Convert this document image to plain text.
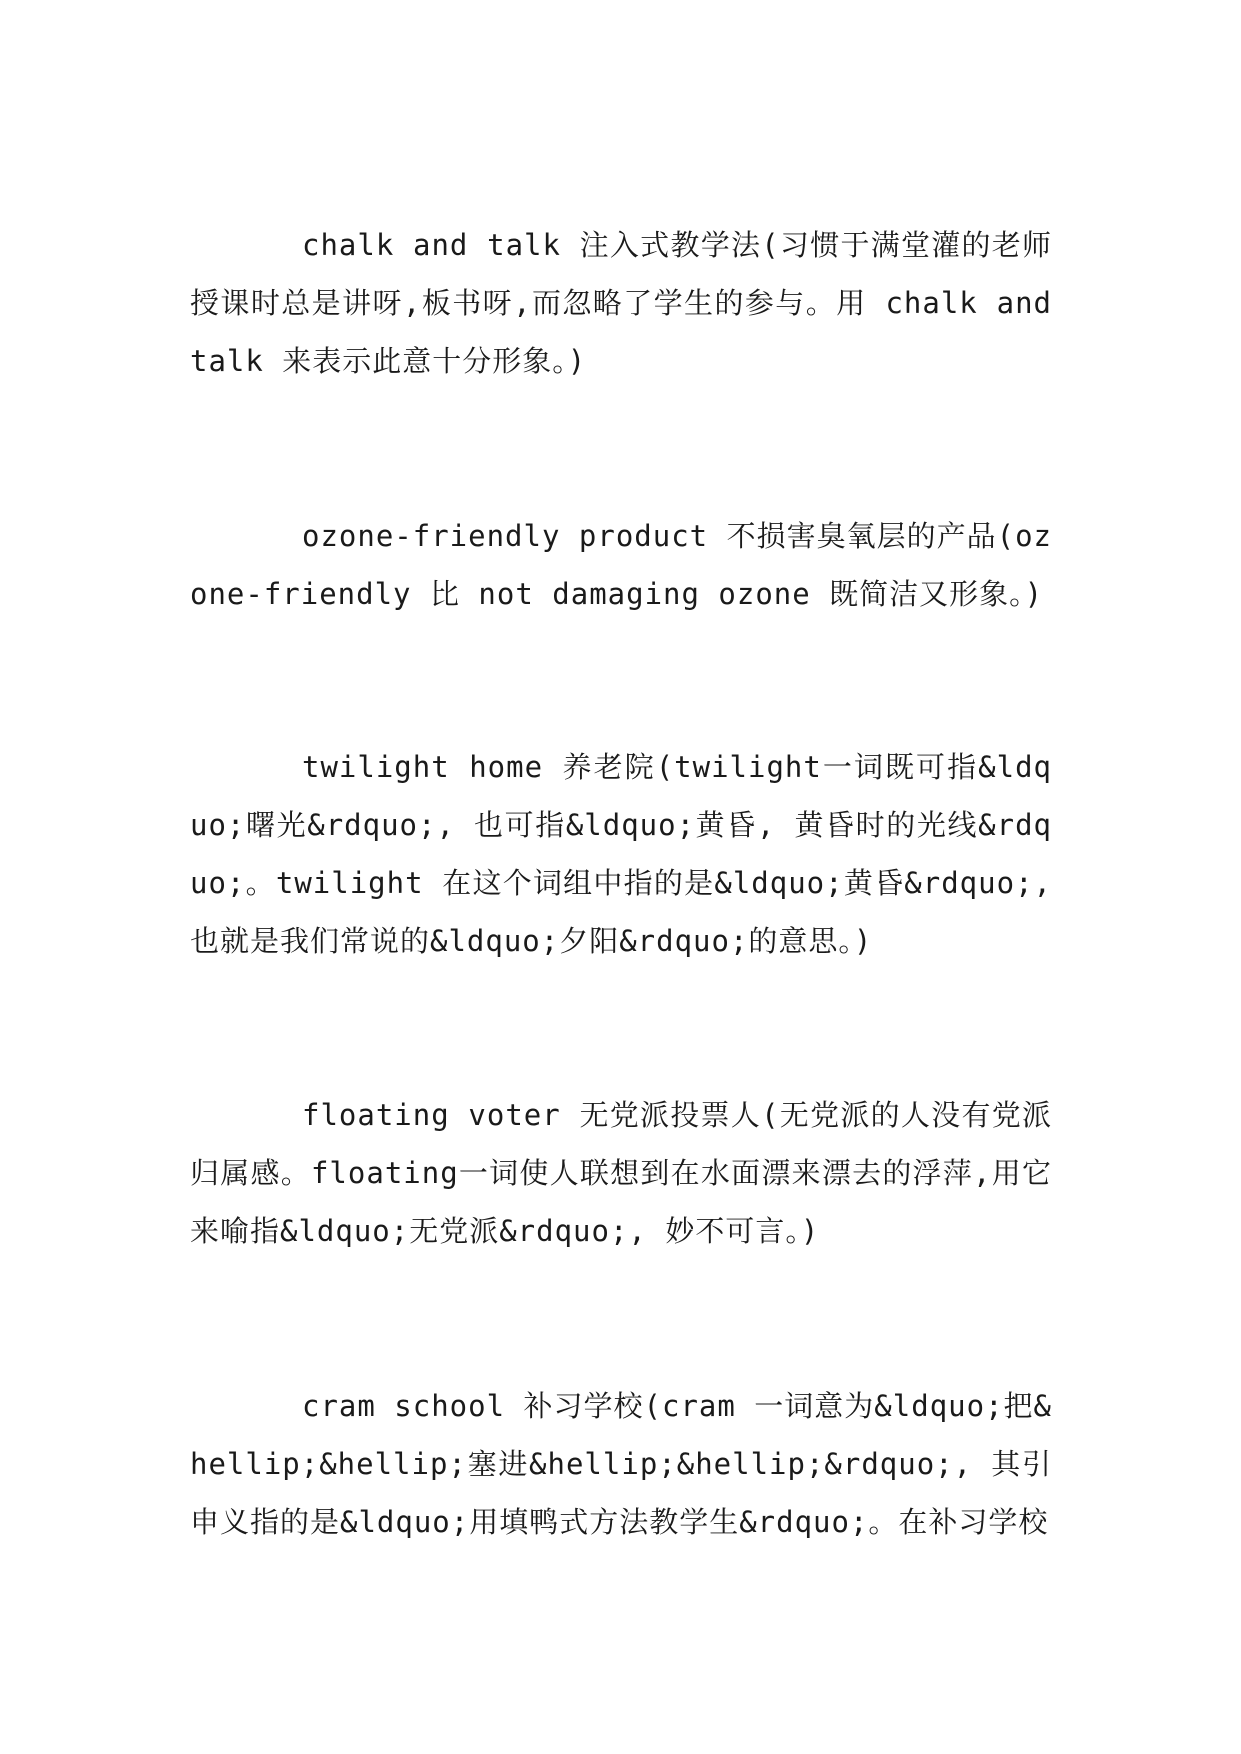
chalk and talk 注入式教学法(习惯于满堂灌的老师授课时总是讲呀,板书呀,而忽略了学生的参与。用 chalk and talk 来表示此意十分形象。)

ozone-friendly product 不损害臭氧层的产品(ozone-friendly 比 not damaging ozone 既简洁又形象。)

twilight home 养老院(twilight一词既可指&ldquo;曙光&rdquo;, 也可指&ldquo;黄昏, 黄昏时的光线&rdquo;。twilight 在这个词组中指的是&ldquo;黄昏&rdquo;,也就是我们常说的&ldquo;夕阳&rdquo;的意思。)

floating voter 无党派投票人(无党派的人没有党派归属感。floating一词使人联想到在水面漂来漂去的浮萍,用它来喻指&ldquo;无党派&rdquo;, 妙不可言。)

cram school 补习学校(cram 一词意为&ldquo;把&hellip;&hellip;塞进&hellip;&hellip;&rdquo;, 其引申义指的是&ldquo;用填鸭式方法教学生&rdquo;。在补习学校
